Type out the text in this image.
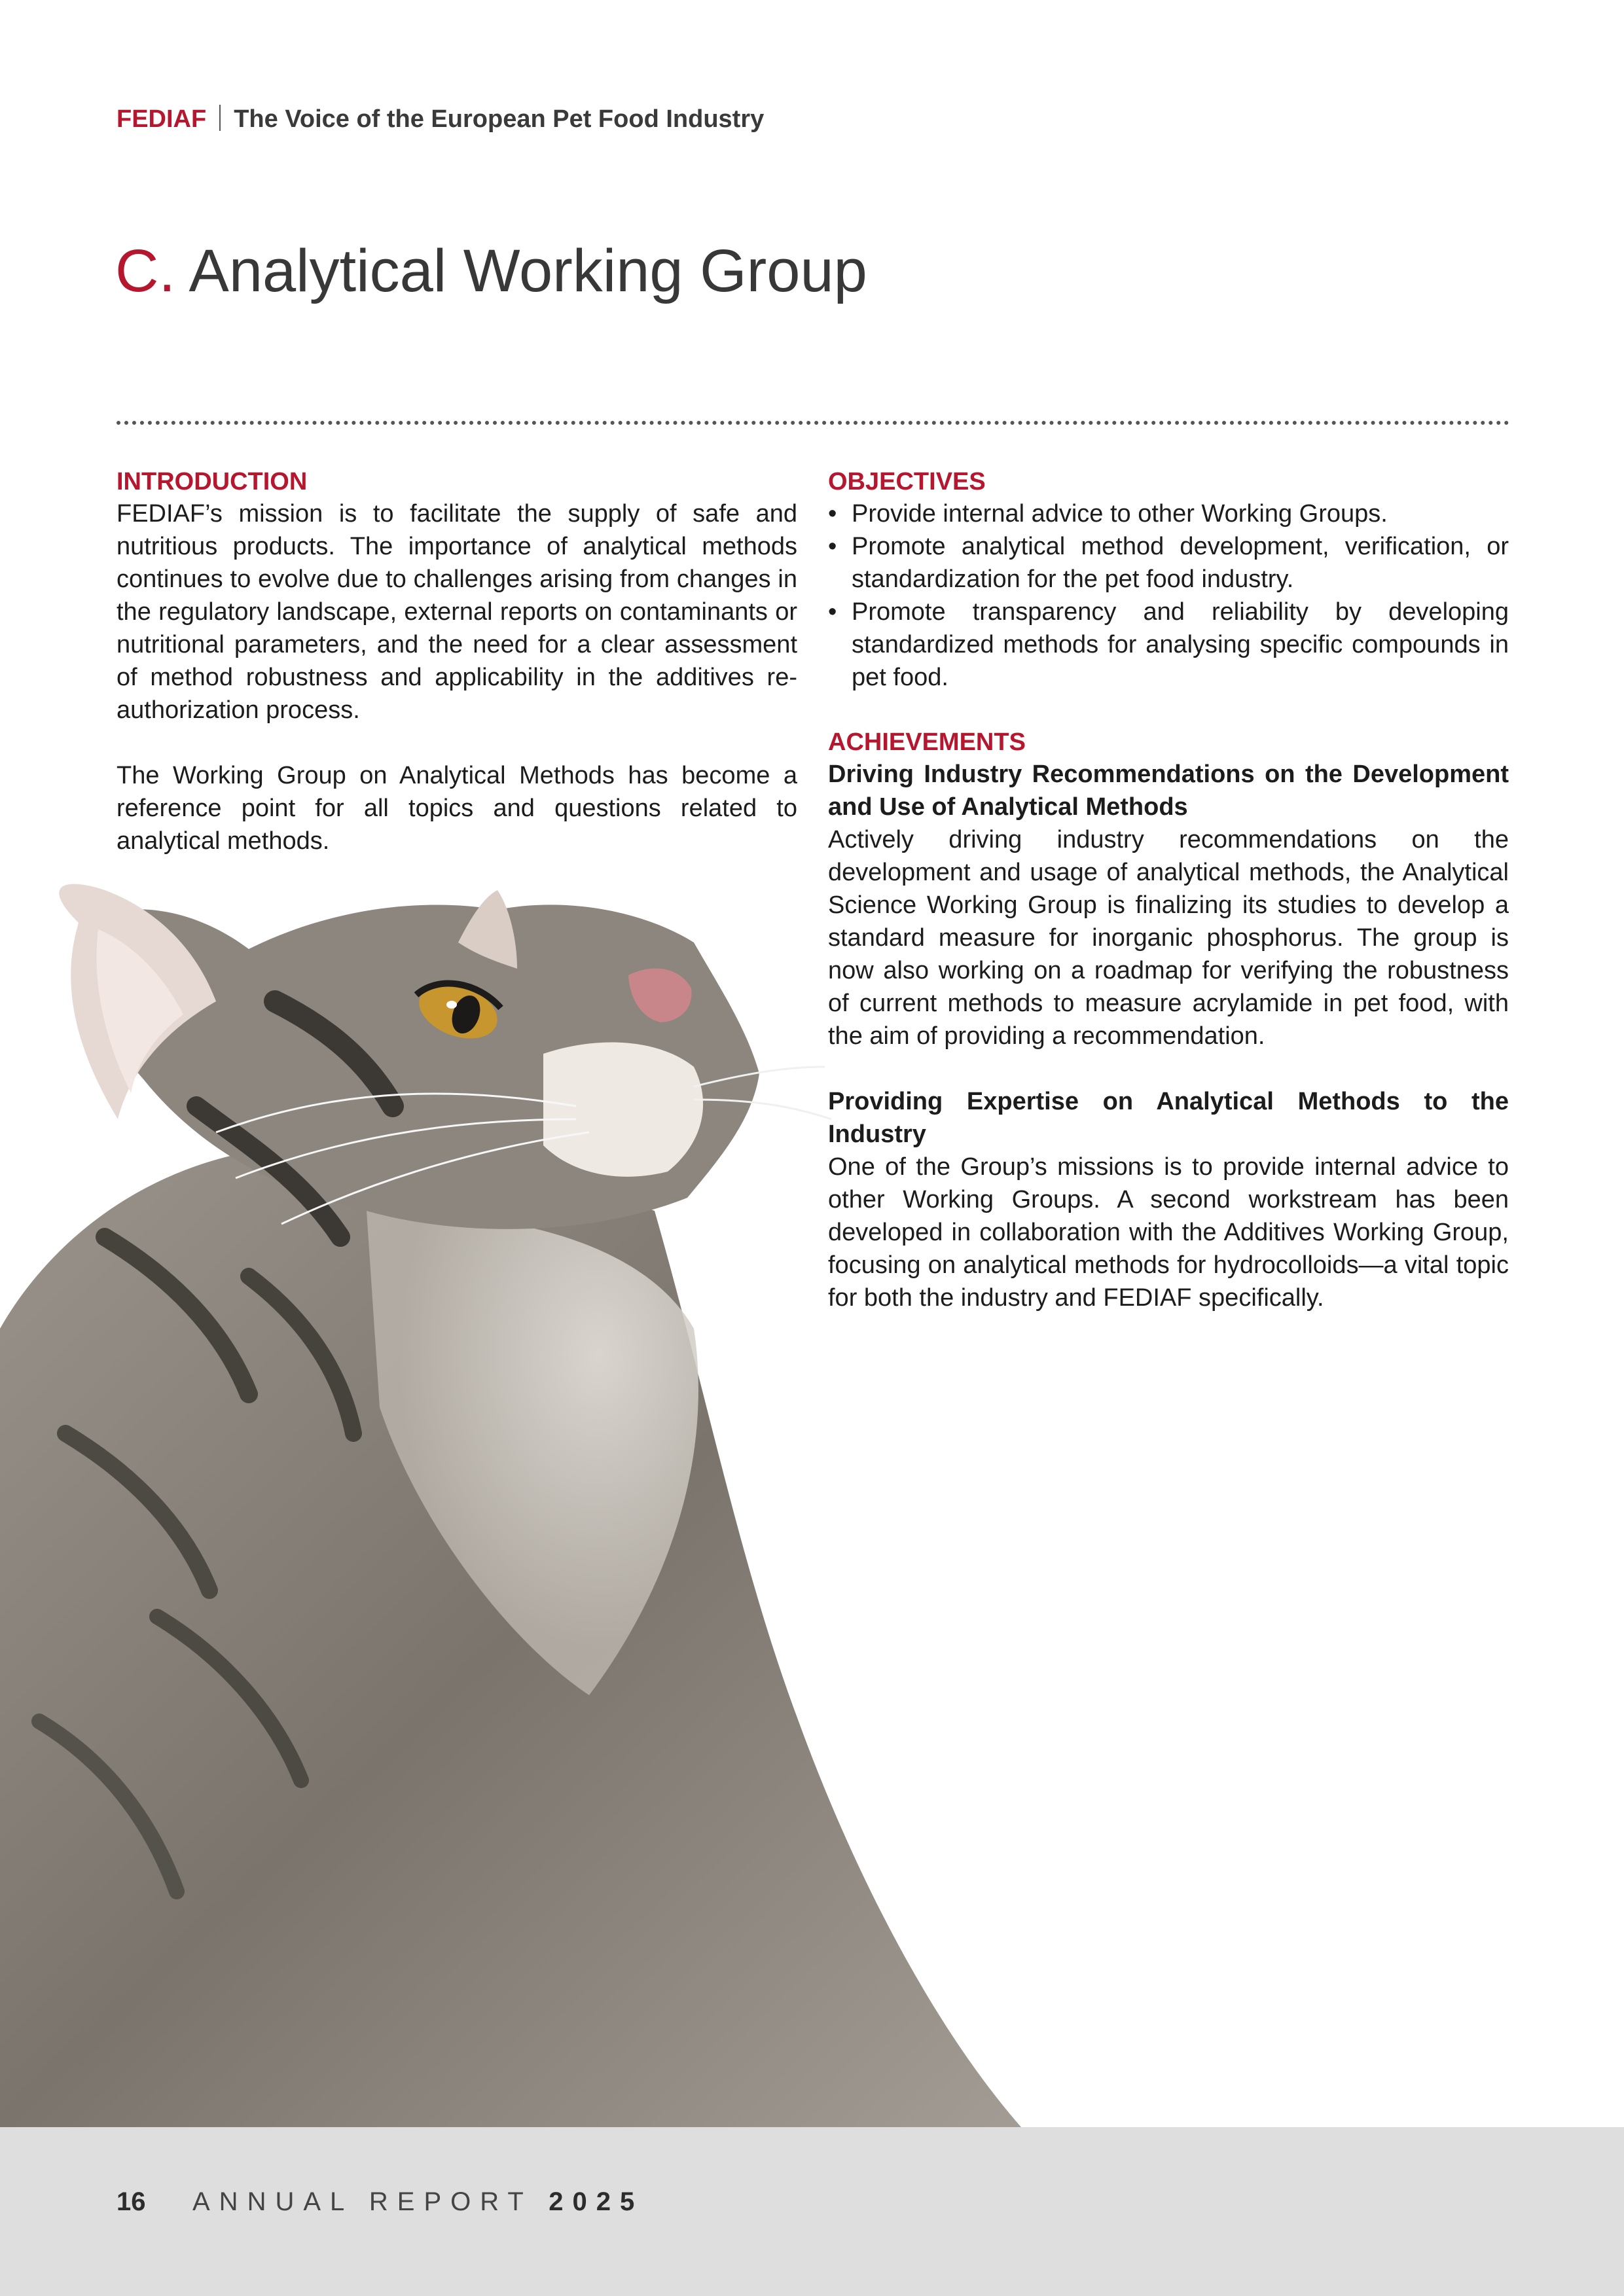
FEDIAF The Voice of the European Pet Food Industry
C. Analytical Working Group
INTRODUCTION

FEDIAF’s mission is to facilitate the supply of safe and nutritious products. The importance of analytical methods continues to evolve due to challenges arising from changes in the regulatory landscape, external reports on contaminants or nutritional parameters, and the need for a clear assessment of method robustness and applicability in the additives re-authorization process.

The Working Group on Analytical Methods has become a reference point for all topics and questions related to analytical methods.

OBJECTIVES
• Provide internal advice to other Working Groups.
• Promote analytical method development, verification, or standardization for the pet food industry.
• Promote transparency and reliability by developing standardized methods for analysing specific compounds in pet food.
ACHIEVEMENTS
Driving Industry Recommendations on the Development and Use of Analytical Methods

Actively driving industry recommendations on the development and usage of analytical methods, the Analytical Science Working Group is finalizing its studies to develop a standard measure for inorganic phosphorus. The group is now also working on a roadmap for verifying the robustness of current methods to measure acrylamide in pet food, with the aim of providing a recommendation.

Providing Expertise on Analytical Methods to the Industry

One of the Group’s missions is to provide internal advice to other Working Groups. A second workstream has been developed in collaboration with the Additives Working Group, focusing on analytical methods for hydrocolloids—a vital topic for both the industry and FEDIAF specifically.

16 ANNUAL REPORT 2025
